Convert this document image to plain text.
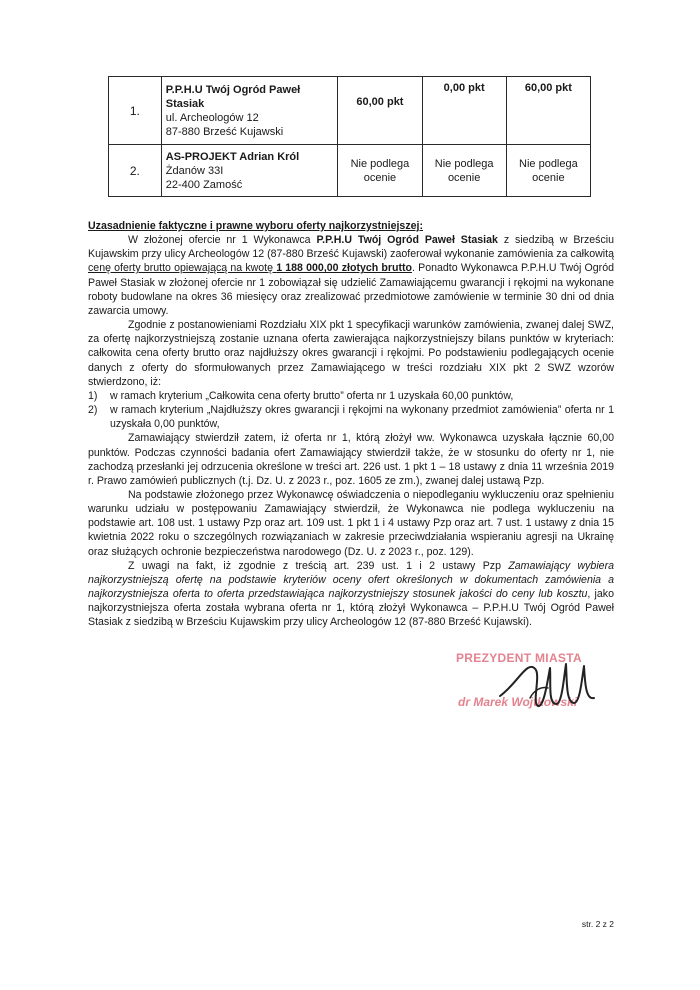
1.	P.P.H.U Twój Ogród Paweł
Stasiak
ul. Archeologów 12
87-880 Brześć Kujawski	60,00 pkt	0,00 pkt	60,00 pkt
2.	AS-PROJEKT Adrian Król
Żdanów 33I
22-400 Zamość	Nie podlega ocenie	Nie podlega ocenie	Nie podlega ocenie

Uzasadnienie faktyczne i prawne wyboru oferty najkorzystniejszej:

W złożonej ofercie nr 1 Wykonawca P.P.H.U Twój Ogród Paweł Stasiak z siedzibą w Brześciu Kujawskim przy ulicy Archeologów 12 (87-880 Brześć Kujawski) zaoferował wykonanie zamówienia za całkowitą cenę oferty brutto opiewającą na kwotę 1 188 000,00 złotych brutto. Ponadto Wykonawca P.P.H.U Twój Ogród Paweł Stasiak w złożonej ofercie nr 1 zobowiązał się udzielić Zamawiającemu gwarancji i rękojmi na wykonane roboty budowlane na okres 36 miesięcy oraz zrealizować przedmiotowe zamówienie w terminie 30 dni od dnia zawarcia umowy.

Zgodnie z postanowieniami Rozdziału XIX pkt 1 specyfikacji warunków zamówienia, zwanej dalej SWZ, za ofertę najkorzystniejszą zostanie uznana oferta zawierająca najkorzystniejszy bilans punktów w kryteriach: całkowita cena oferty brutto oraz najdłuższy okres gwarancji i rękojmi. Po podstawieniu podlegających ocenie danych z oferty do sformułowanych przez Zamawiającego w treści rozdziału XIX pkt 2 SWZ wzorów stwierdzono, iż:

1)	w ramach kryterium „Całkowita cena oferty brutto” oferta nr 1 uzyskała 60,00 punktów,
2)	w ramach kryterium „Najdłuższy okres gwarancji i rękojmi na wykonany przedmiot zamówienia” oferta nr 1 uzyskała 0,00 punktów,

Zamawiający stwierdził zatem, iż oferta nr 1, którą złożył ww. Wykonawca uzyskała łącznie 60,00 punktów. Podczas czynności badania ofert Zamawiający stwierdził także, że w stosunku do oferty nr 1, nie zachodzą przesłanki jej odrzucenia określone w treści art. 226 ust. 1 pkt 1 – 18 ustawy z dnia 11 września 2019 r. Prawo zamówień publicznych (t.j. Dz. U. z 2023 r., poz. 1605 ze zm.), zwanej dalej ustawą Pzp.

Na podstawie złożonego przez Wykonawcę oświadczenia o niepodleganiu wykluczeniu oraz spełnieniu warunku udziału w postępowaniu Zamawiający stwierdził, że Wykonawca nie podlega wykluczeniu na podstawie art. 108 ust. 1 ustawy Pzp oraz art. 109 ust. 1 pkt 1 i 4 ustawy Pzp oraz art. 7 ust. 1 ustawy z dnia 15 kwietnia 2022 roku o szczególnych rozwiązaniach w zakresie przeciwdziałania wspieraniu agresji na Ukrainę oraz służących ochronie bezpieczeństwa narodowego (Dz. U. z 2023 r., poz. 129).

Z uwagi na fakt, iż zgodnie z treścią art. 239 ust. 1 i 2 ustawy Pzp Zamawiający wybiera najkorzystniejszą ofertę na podstawie kryteriów oceny ofert określonych w dokumentach zamówienia a najkorzystniejsza oferta to oferta przedstawiająca najkorzystniejszy stosunek jakości do ceny lub kosztu, jako najkorzystniejsza oferta została wybrana oferta nr 1, którą złożył Wykonawca – P.P.H.U Twój Ogród Paweł Stasiak z siedzibą w Brześciu Kujawskim przy ulicy Archeologów 12 (87-880 Brześć Kujawski).

PREZYDENT MIASTA
dr Marek Wojtkowski
str. 2 z 2
